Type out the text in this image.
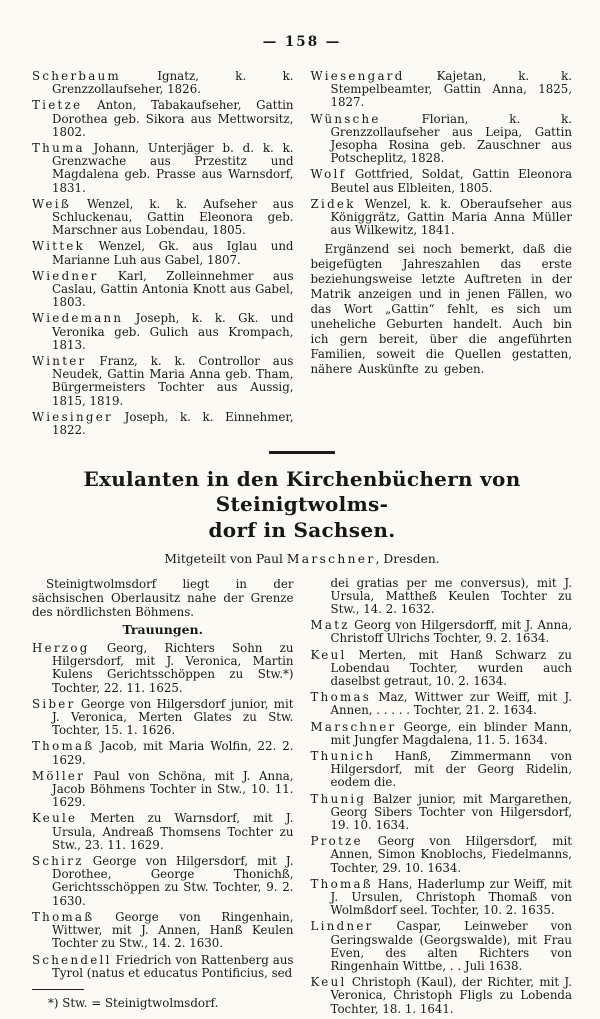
— 158 —
Scherbaum Ignatz, k. k. Grenzzollaufseher, 1826.
Tietze Anton, Tabakaufseher, Gattin Dorothea geb. Sikora aus Mettworsitz, 1802.
Thuma Johann, Unterjäger b. d. k. k. Grenzwache aus Przestitz und Magdalena geb. Prasse aus Warnsdorf, 1831.
Weiß Wenzel, k. k. Aufseher aus Schluckenau, Gattin Eleonora geb. Marschner aus Lobendau, 1805.
Wittek Wenzel, Gk. aus Iglau und Marianne Luh aus Gabel, 1807.
Wiedner Karl, Zolleinnehmer aus Caslau, Gattin Antonia Knott aus Gabel, 1803.
Wiedemann Joseph, k. k. Gk. und Veronika geb. Gulich aus Krompach, 1813.
Winter Franz, k. k. Controllor aus Neudek, Gattin Maria Anna geb. Tham, Bürgermeisters Tochter aus Aussig, 1815, 1819.
Wiesinger Joseph, k. k. Einnehmer, 1822.
Wiesengard Kajetan, k. k. Stempelbeamter, Gattin Anna, 1825, 1827.
Wünsche Florian, k. k. Grenzzollaufseher aus Leipa, Gattin Jesopha Rosina geb. Zauschner aus Potscheplitz, 1828.
Wolf Gottfried, Soldat, Gattin Eleonora Beutel aus Elbleiten, 1805.
Zidek Wenzel, k. k. Oberaufseher aus Königgrätz, Gattin Maria Anna Müller aus Wilkewitz, 1841.
Ergänzend sei noch bemerkt, daß die beigefügten Jahreszahlen das erste beziehungsweise letzte Auftreten in der Matrik anzeigen und in jenen Fällen, wo das Wort „Gattin“ fehlt, es sich um uneheliche Geburten handelt. Auch bin ich gern bereit, über die angeführten Familien, soweit die Quellen gestatten, nähere Auskünfte zu geben.
Exulanten in den Kirchenbüchern von Steinigtwolms-
dorf in Sachsen.
Mitgeteilt von Paul Marschner, Dresden.
Steinigtwolmsdorf liegt in der sächsischen Oberlausitz nahe der Grenze des nördlichsten Böhmens.
Trauungen.
Herzog Georg, Richters Sohn zu Hilgersdorf, mit J. Veronica, Martin Kulens Gerichtsschöppen zu Stw.*) Tochter, 22. 11. 1625.
Siber George von Hilgersdorf junior, mit J. Veronica, Merten Glates zu Stw. Tochter, 15. 1. 1626.
Thomaß Jacob, mit Maria Wolfin, 22. 2. 1629.
Möller Paul von Schöna, mit J. Anna, Jacob Böhmens Tochter in Stw., 10. 11. 1629.
Keule Merten zu Warnsdorf, mit J. Ursula, Andreaß Thomsens Tochter zu Stw., 23. 11. 1629.
Schirz George von Hilgersdorf, mit J. Dorothee, George Thonichß, Gerichtsschöppen zu Stw. Tochter, 9. 2. 1630.
Thomaß George von Ringenhain, Wittwer, mit J. Annen, Hanß Keulen Tochter zu Stw., 14. 2. 1630.
Schendell Friedrich von Rattenberg aus Tyrol (natus et educatus Pontificius, sed
*) Stw. = Steinigtwolmsdorf.
dei gratias per me conversus), mit J. Ursula, Mattheß Keulen Tochter zu Stw., 14. 2. 1632.
Matz Georg von Hilgersdorff, mit J. Anna, Christoff Ulrichs Tochter, 9. 2. 1634.
Keul Merten, mit Hanß Schwarz zu Lobendau Tochter, wurden auch daselbst getraut, 10. 2. 1634.
Thomas Maz, Wittwer zur Weiff, mit J. Annen, . . . . . Tochter, 21. 2. 1634.
Marschner George, ein blinder Mann, mit Jungfer Magdalena, 11. 5. 1634.
Thunich Hanß, Zimmermann von Hilgersdorf, mit der Georg Ridelin, eodem die.
Thunig Balzer junior, mit Margarethen, Georg Sibers Tochter von Hilgersdorf, 19. 10. 1634.
Protze Georg von Hilgersdorf, mit Annen, Simon Knoblochs, Fiedelmanns, Tochter, 29. 10. 1634.
Thomaß Hans, Haderlump zur Weiff, mit J. Ursulen, Christoph Thomaß von Wolmßdorf seel. Tochter, 10. 2. 1635.
Lindner Caspar, Leinweber von Geringswalde (Georgswalde), mit Frau Even, des alten Richters von Ringenhain Wittbe, . . Juli 1638.
Keul Christoph (Kaul), der Richter, mit J. Veronica, Christoph Fligls zu Lobenda Tochter, 18. 1. 1641.
